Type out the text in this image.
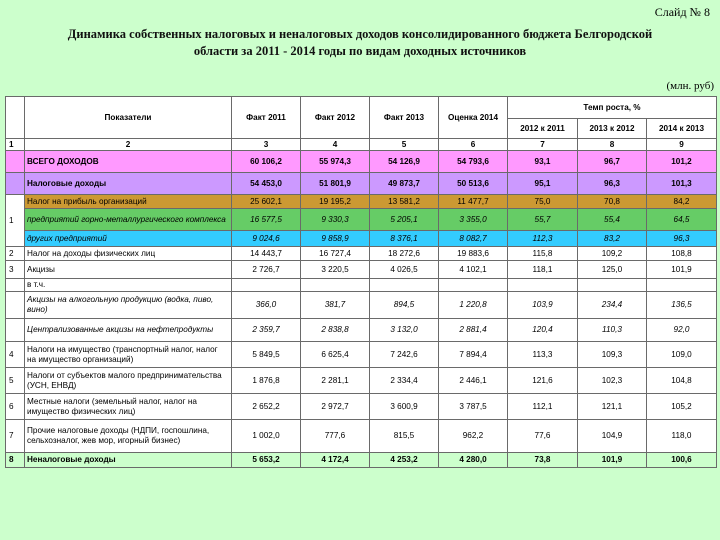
Слайд № 8
Динамика собственных налоговых и неналоговых доходов консолидированного бюджета Белгородской
области за 2011 - 2014 годы по видам доходных источников
(млн. руб)
	Показатели	Факт 2011	Факт 2012	Факт 2013	Оценка 2014	Темп роста, %		
						2012 к 2011	2013 к 2012	2014 к 2013
1	2	3	4	5	6	7	8	9
	ВСЕГО ДОХОДОВ	60 106,2	55 974,3	54 126,9	54 793,6	93,1	96,7	101,2
	Налоговые доходы	54 453,0	51 801,9	49 873,7	50 513,6	95,1	96,3	101,3
1	Налог на прибыль организаций	25 602,1	19 195,2	13 581,2	11 477,7	75,0	70,8	84,2
	предприятий горно-металлургического комплекса	16 577,5	9 330,3	5 205,1	3 355,0	55,7	55,4	64,5
	других предприятий	9 024,6	9 858,9	8 376,1	8 082,7	112,3	83,2	96,3
2	Налог на доходы физических лиц	14 443,7	16 727,4	18 272,6	19 883,6	115,8	109,2	108,8
3	Акцизы	2 726,7	3 220,5	4 026,5	4 102,1	118,1	125,0	101,9
	в т.ч.							
	Акцизы на алкогольную продукцию (водка, пиво, вино)	366,0	381,7	894,5	1 220,8	103,9	234,4	136,5
	Централизованные акцизы на нефтепродукты	2 359,7	2 838,8	3 132,0	2 881,4	120,4	110,3	92,0
4	Налоги на имущество (транспортный налог, налог на имущество организаций)	5 849,5	6 625,4	7 242,6	7 894,4	113,3	109,3	109,0
5	Налоги от субъектов малого предпринимательства (УСН, ЕНВД)	1 876,8	2 281,1	2 334,4	2 446,1	121,6	102,3	104,8
6	Местные налоги (земельный налог, налог на имущество физических лиц)	2 652,2	2 972,7	3 600,9	3 787,5	112,1	121,1	105,2
7	Прочие налоговые доходы (НДПИ, госпошлина, сельхозналог, жев мор, игорный бизнес)	1 002,0	777,6	815,5	962,2	77,6	104,9	118,0
8	Неналоговые доходы	5 653,2	4 172,4	4 253,2	4 280,0	73,8	101,9	100,6
